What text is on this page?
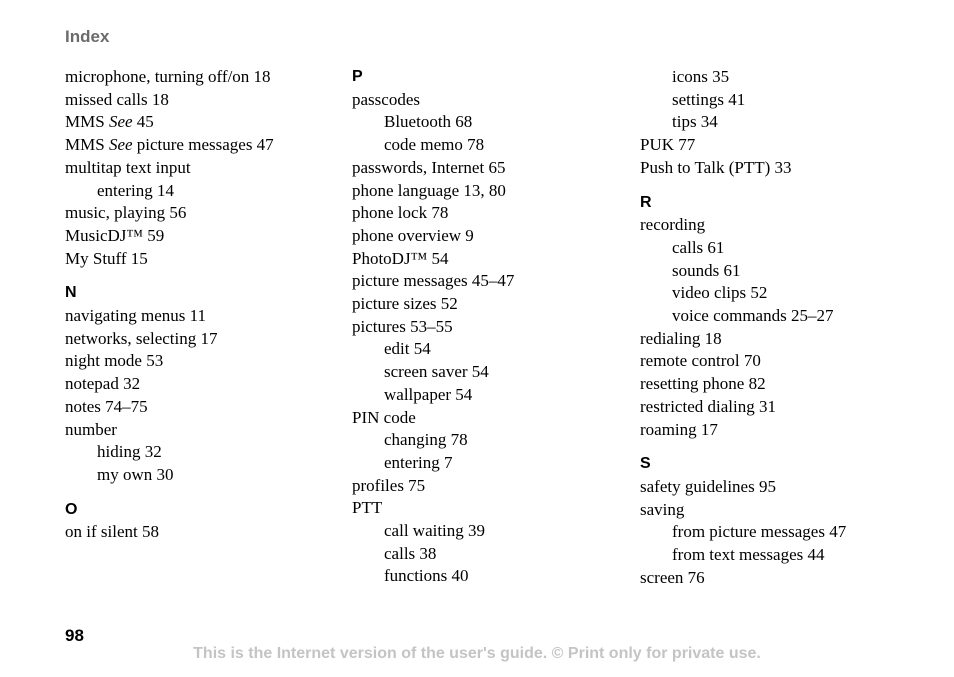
Index
microphone, turning off/on 18
missed calls 18
MMS See 45
MMS See picture messages 47
multitap text input
entering 14
music, playing 56
MusicDJ™ 59
My Stuff 15
N
navigating menus 11
networks, selecting 17
night mode 53
notepad 32
notes 74–75
number
hiding 32
my own 30
O
on if silent 58
P
passcodes
Bluetooth 68
code memo 78
passwords, Internet 65
phone language 13, 80
phone lock 78
phone overview 9
PhotoDJ™ 54
picture messages 45–47
picture sizes 52
pictures 53–55
edit 54
screen saver 54
wallpaper 54
PIN code
changing 78
entering 7
profiles 75
PTT
call waiting 39
calls 38
functions 40
icons 35
settings 41
tips 34
PUK 77
Push to Talk (PTT) 33
R
recording
calls 61
sounds 61
video clips 52
voice commands 25–27
redialing 18
remote control 70
resetting phone 82
restricted dialing 31
roaming 17
S
safety guidelines 95
saving
from picture messages 47
from text messages 44
screen 76
98
This is the Internet version of the user's guide. © Print only for private use.
